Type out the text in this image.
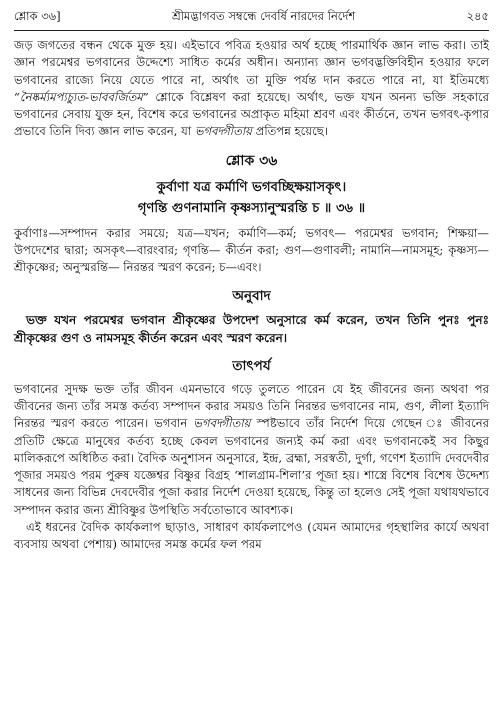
শ্লোক ৩৬]	শ্রীমদ্ভাগবত সম্বন্ধে দেবর্ষি নারদের নির্দেশ	২৪৫

জড় জগতের বন্ধন থেকে মুক্ত হয়। এইভাবে পবিত্র হওয়ার অর্থ হচ্ছে পারমার্থিক জ্ঞান লাভ করা। তাই জ্ঞান পরমেশ্বর ভগবানের উদ্দেশ্যে সাধিত কর্মের অধীন। অন্যান্য জ্ঞান ভগবদ্ভক্তিবিহীন হওয়ার ফলে ভগবানের রাজ্যে নিয়ে যেতে পারে না, অর্থাৎ তা মুক্তি পর্যন্ত দান করতে পারে না, যা ইতিমধ্যে “নৈষ্কর্ম্যমপ্যচ্যুত-ভাববর্জিতম” শ্লোকে বিশ্লেষণ করা হয়েছে। অর্থাৎ, ভক্ত যখন অনন্য ভক্তি সহকারে ভগবানের সেবায় যুক্ত হন, বিশেষ করে ভগবানের অপ্রাকৃত মহিমা শ্রবণ এবং কীর্তনে, তখন ভগবৎ-কৃপার প্রভাবে তিনি দিব্য জ্ঞান লাভ করেন, যা ভগবদ্গীতায় প্রতিপন্ন হয়েছে।

শ্লোক ৩৬
কুর্বাণা যত্র কর্মাণি ভগবচ্ছিক্ষয়াসকৃৎ।
গৃণন্তি গুণনামানি কৃষ্ণস্যানুস্মরন্তি চ ॥ ৩৬ ॥

কুর্বাণাঃ—সম্পাদন করার সময়ে; যত্র—যখন; কর্মাণি—কর্ম; ভগবৎ— পরমেশ্বর ভগবান; শিক্ষয়া—উপদেশের দ্বারা; অসকৃৎ—বারংবার; গৃণন্তি— কীর্তন করা; গুণ—গুণাবলী; নামানি—নামসমূহ; কৃষ্ণস্য—শ্রীকৃষ্ণের; অনুস্মরন্তি— নিরন্তর স্মরণ করেন; চ—এবং।

অনুবাদ

ভক্ত যখন পরমেশ্বর ভগবান শ্রীকৃষ্ণের উপদেশ অনুসারে কর্ম করেন, তখন তিনি পুনঃ পুনঃ শ্রীকৃষ্ণের গুণ ও নামসমূহ কীর্তন করেন এবং স্মরণ করেন।

তাৎপর্য

ভগবানের সুদক্ষ ভক্ত তাঁর জীবন এমনভাবে গড়ে তুলতে পারেন যে ইহ জীবনের জন্য অথবা পর জীবনের জন্য তাঁর সমস্ত কর্তব্য সম্পাদন করার সময়ও তিনি নিরন্তর ভগবানের নাম, গুণ, লীলা ইত্যাদি নিরন্তর স্মরণ করতে পারেন। ভগবান ভগবদ্গীতায় স্পষ্টভাবে তাঁর নির্দেশ দিয়ে গেছেন ঃ জীবনের প্রতিটি ক্ষেত্রে মানুষের কর্তব্য হচ্ছে কেবল ভগবানের জন্যই কর্ম করা এবং ভগবানকেই সব কিছুর মালিকরূপে অধিষ্ঠিত করা। বৈদিক অনুশাসন অনুসারে, ইন্দ্র, ব্রহ্মা, সরস্বতী, দুর্গা, গণেশ ইত্যাদি দেবদেবীর পূজার সময়ও পরম পুরুষ যজ্ঞেশ্বর বিষ্ণুর বিগ্রহ ‘শালগ্রাম-শিলা’র পূজা হয়। শাস্ত্রে বিশেষ বিশেষ উদ্দেশ্য সাধনের জন্য বিভিন্ন দেবদেবীর পূজা করার নির্দেশ দেওয়া হয়েছে, কিন্তু তা হলেও সেই পূজা যথাযথভাবে সম্পাদন করার জন্য শ্রীবিষ্ণুর উপস্থিতি সর্বতোভাবে আবশ্যক।

এই ধরনের বৈদিক কার্যকলাপ ছাড়াও, সাধারণ কার্যকলাপেও (যেমন আমাদের গৃহস্থালির কার্যে অথবা ব্যবসায় অথবা পেশায়) আমাদের সমস্ত কর্মের ফল পরম
